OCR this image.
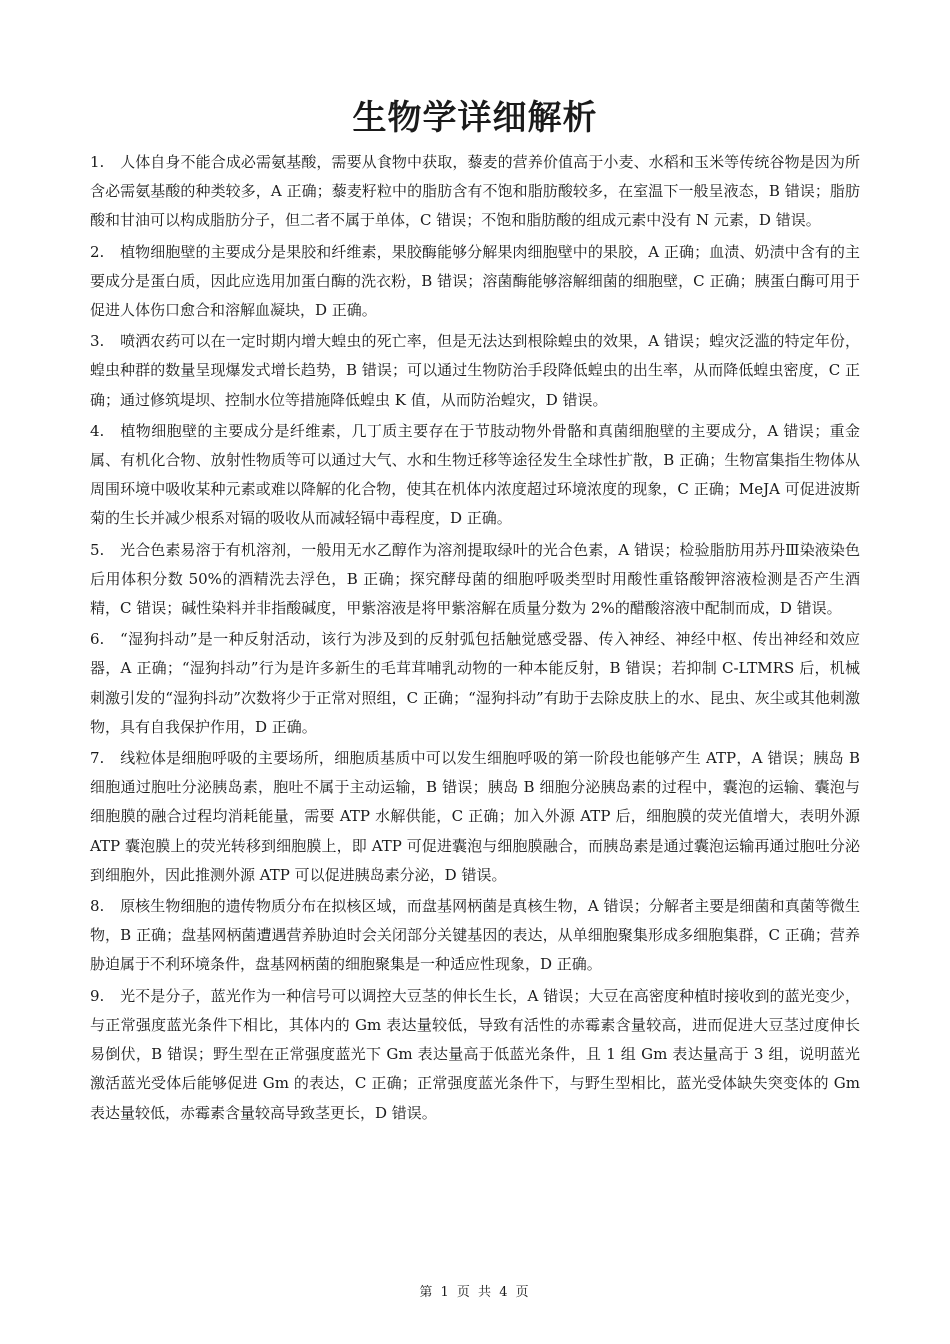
生物学详细解析

1. 人体自身不能合成必需氨基酸，需要从食物中获取，藜麦的营养价值高于小麦、水稻和玉米等传统谷物是因为所含必需氨基酸的种类较多，A 正确；藜麦籽粒中的脂肪含有不饱和脂肪酸较多，在室温下一般呈液态，B 错误；脂肪酸和甘油可以构成脂肪分子，但二者不属于单体，C 错误；不饱和脂肪酸的组成元素中没有 N 元素，D 错误。

2. 植物细胞壁的主要成分是果胶和纤维素，果胶酶能够分解果肉细胞壁中的果胶，A 正确；血渍、奶渍中含有的主要成分是蛋白质，因此应选用加蛋白酶的洗衣粉，B 错误；溶菌酶能够溶解细菌的细胞壁，C 正确；胰蛋白酶可用于促进人体伤口愈合和溶解血凝块，D 正确。

3. 喷洒农药可以在一定时期内增大蝗虫的死亡率，但是无法达到根除蝗虫的效果，A 错误；蝗灾泛滥的特定年份，蝗虫种群的数量呈现爆发式增长趋势，B 错误；可以通过生物防治手段降低蝗虫的出生率，从而降低蝗虫密度，C 正确；通过修筑堤坝、控制水位等措施降低蝗虫 K 值，从而防治蝗灾，D 错误。

4. 植物细胞壁的主要成分是纤维素，几丁质主要存在于节肢动物外骨骼和真菌细胞壁的主要成分，A 错误；重金属、有机化合物、放射性物质等可以通过大气、水和生物迁移等途径发生全球性扩散，B 正确；生物富集指生物体从周围环境中吸收某种元素或难以降解的化合物，使其在机体内浓度超过环境浓度的现象，C 正确；MeJA 可促进波斯菊的生长并减少根系对镉的吸收从而减轻镉中毒程度，D 正确。

5. 光合色素易溶于有机溶剂，一般用无水乙醇作为溶剂提取绿叶的光合色素，A 错误；检验脂肪用苏丹Ⅲ染液染色后用体积分数 50%的酒精洗去浮色，B 正确；探究酵母菌的细胞呼吸类型时用酸性重铬酸钾溶液检测是否产生酒精，C 错误；碱性染料并非指酸碱度，甲紫溶液是将甲紫溶解在质量分数为 2%的醋酸溶液中配制而成，D 错误。

6. “湿狗抖动”是一种反射活动，该行为涉及到的反射弧包括触觉感受器、传入神经、神经中枢、传出神经和效应器，A 正确；“湿狗抖动”行为是许多新生的毛茸茸哺乳动物的一种本能反射，B 错误；若抑制 C-LTMRS 后，机械刺激引发的“湿狗抖动”次数将少于正常对照组，C 正确；“湿狗抖动”有助于去除皮肤上的水、昆虫、灰尘或其他刺激物，具有自我保护作用，D 正确。

7. 线粒体是细胞呼吸的主要场所，细胞质基质中可以发生细胞呼吸的第一阶段也能够产生 ATP，A 错误；胰岛 B 细胞通过胞吐分泌胰岛素，胞吐不属于主动运输，B 错误；胰岛 B 细胞分泌胰岛素的过程中，囊泡的运输、囊泡与细胞膜的融合过程均消耗能量，需要 ATP 水解供能，C 正确；加入外源 ATP 后，细胞膜的荧光值增大，表明外源 ATP 囊泡膜上的荧光转移到细胞膜上，即 ATP 可促进囊泡与细胞膜融合，而胰岛素是通过囊泡运输再通过胞吐分泌到细胞外，因此推测外源 ATP 可以促进胰岛素分泌，D 错误。

8. 原核生物细胞的遗传物质分布在拟核区域，而盘基网柄菌是真核生物，A 错误；分解者主要是细菌和真菌等微生物，B 正确；盘基网柄菌遭遇营养胁迫时会关闭部分关键基因的表达，从单细胞聚集形成多细胞集群，C 正确；营养胁迫属于不利环境条件，盘基网柄菌的细胞聚集是一种适应性现象，D 正确。

9. 光不是分子，蓝光作为一种信号可以调控大豆茎的伸长生长，A 错误；大豆在高密度种植时接收到的蓝光变少，与正常强度蓝光条件下相比，其体内的 Gm 表达量较低，导致有活性的赤霉素含量较高，进而促进大豆茎过度伸长易倒伏，B 错误；野生型在正常强度蓝光下 Gm 表达量高于低蓝光条件，且 1 组 Gm 表达量高于 3 组，说明蓝光激活蓝光受体后能够促进 Gm 的表达，C 正确；正常强度蓝光条件下，与野生型相比，蓝光受体缺失突变体的 Gm 表达量较低，赤霉素含量较高导致茎更长，D 错误。

第 1 页 共 4 页
